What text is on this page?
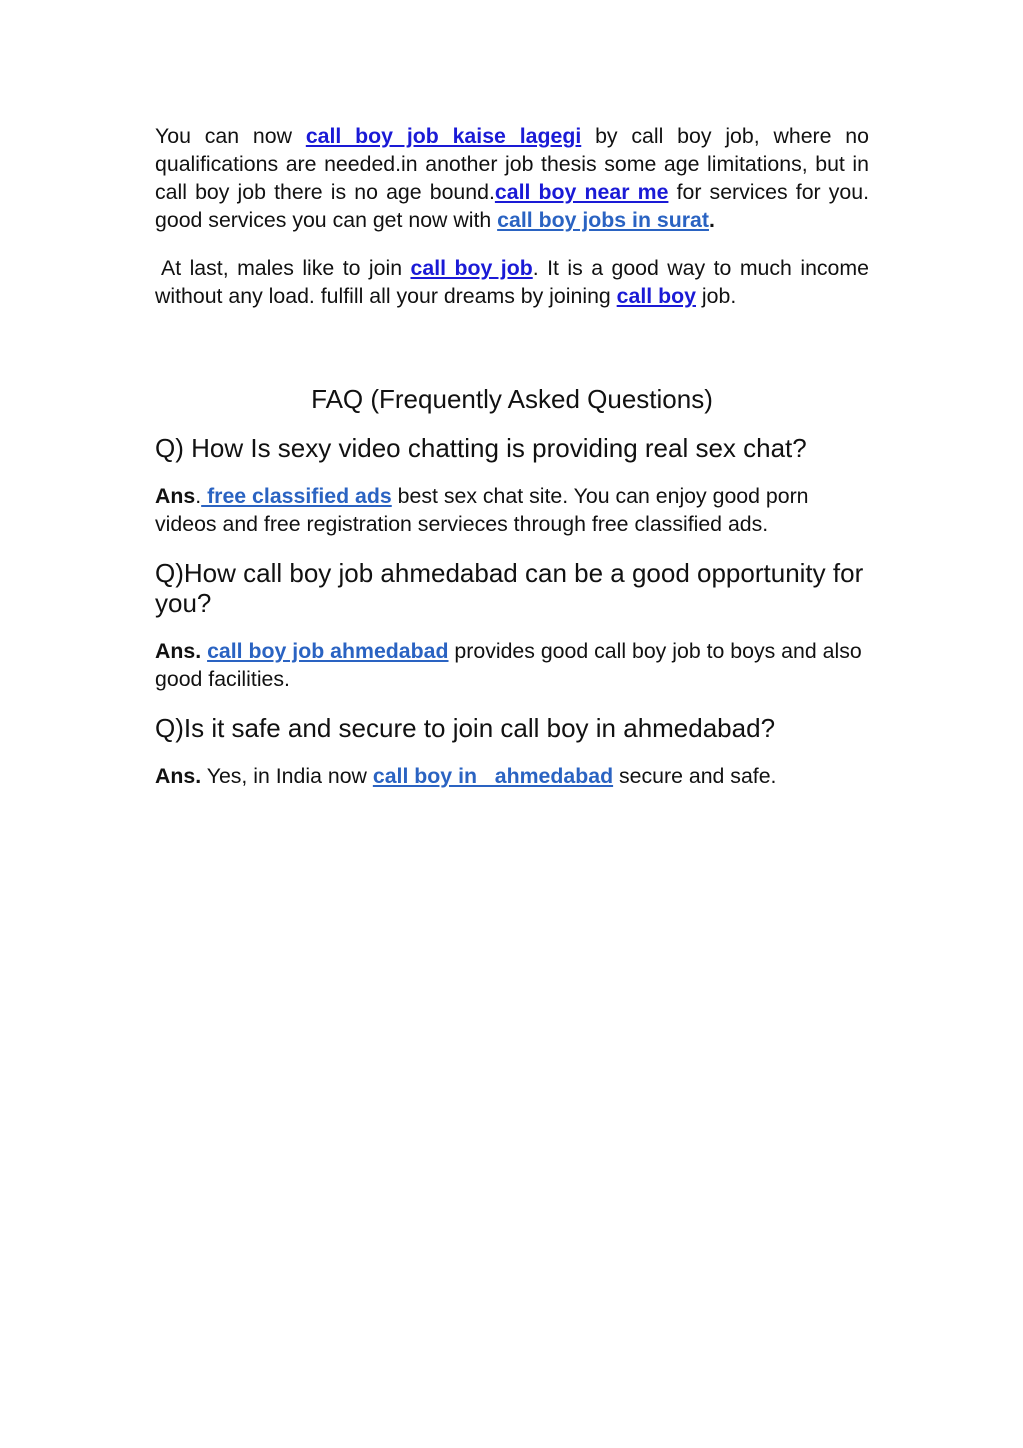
You can now call boy job kaise lagegi by call boy job, where no qualifications are needed.in another job thesis some age limitations, but in call boy job there is no age bound.call boy near me for services for you. good services you can get now with call boy jobs in surat.

At last, males like to join call boy job. It is a good way to much income without any load. fulfill all your dreams by joining call boy job.

FAQ (Frequently Asked Questions)

Q) How Is sexy video chatting is providing real sex chat?

Ans. free classified ads best sex chat site. You can enjoy good porn videos and free registration servieces through free classified ads.

Q)How call boy job ahmedabad can be a good opportunity for you?

Ans. call boy job ahmedabad provides good call boy job to boys and also good facilities.

Q)Is it safe and secure to join call boy in ahmedabad?

Ans. Yes, in India now call boy in   ahmedabad secure and safe.
